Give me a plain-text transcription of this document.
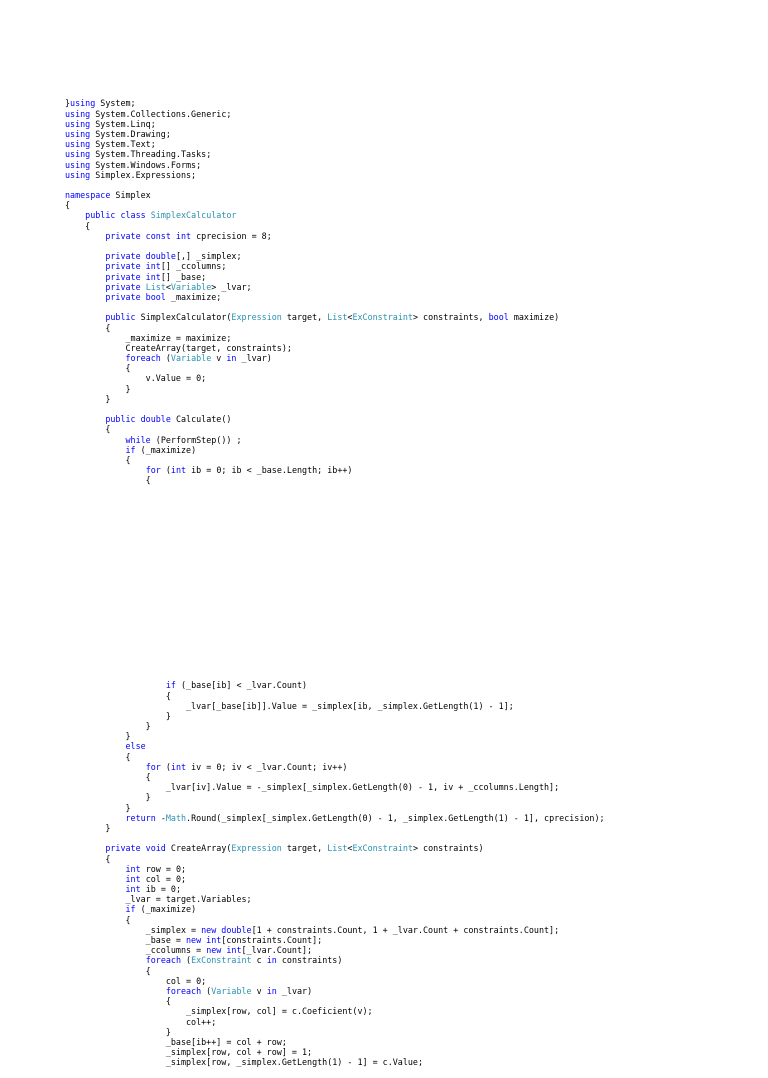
}using System;
using System.Collections.Generic;
using System.Linq;
using System.Drawing;
using System.Text;
using System.Threading.Tasks;
using System.Windows.Forms;
using Simplex.Expressions;

namespace Simplex
{
public class SimplexCalculator
{
private const int cprecision = 8;

private double[,] _simplex;
private int[] _ccolumns;
private int[] _base;
private List<Variable> _lvar;
private bool _maximize;

public SimplexCalculator(Expression target, List<ExConstraint> constraints, bool maximize)
{
_maximize = maximize;
CreateArray(target, constraints);
foreach (Variable v in _lvar)
{
v.Value = 0;
}
}

public double Calculate()
{
while (PerformStep()) ;
if (_maximize)
{
for (int ib = 0; ib < _base.Length; ib++)
{

if (_base[ib] < _lvar.Count)
{
_lvar[_base[ib]].Value = _simplex[ib, _simplex.GetLength(1) - 1];
}
}
}
else
{
for (int iv = 0; iv < _lvar.Count; iv++)
{
_lvar[iv].Value = -_simplex[_simplex.GetLength(0) - 1, iv + _ccolumns.Length];
}
}
return -Math.Round(_simplex[_simplex.GetLength(0) - 1, _simplex.GetLength(1) - 1], cprecision);
}

private void CreateArray(Expression target, List<ExConstraint> constraints)
{
int row = 0;
int col = 0;
int ib = 0;
_lvar = target.Variables;
if (_maximize)
{
_simplex = new double[1 + constraints.Count, 1 + _lvar.Count + constraints.Count];
_base = new int[constraints.Count];
_ccolumns = new int[_lvar.Count];
foreach (ExConstraint c in constraints)
{
col = 0;
foreach (Variable v in _lvar)
{
_simplex[row, col] = c.Coeficient(v);
col++;
}
_base[ib++] = col + row;
_simplex[row, col + row] = 1;
_simplex[row, _simplex.GetLength(1) - 1] = c.Value;
